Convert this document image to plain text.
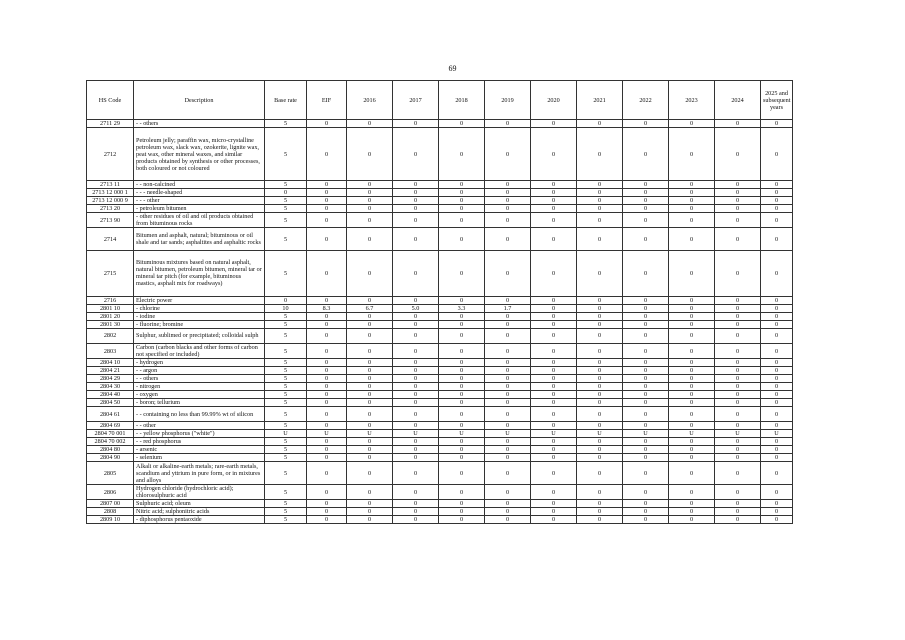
69
HS Code	Description	Base rate	EIF	2016	2017	2018	2019	2020	2021	2022	2023	2024	2025 and subsequent years
2711 29	- - others	5	0	0	0	0	0	0	0	0	0	0	0
2712	Petroleum jelly; paraffin wax, micro-crystalline petroleum wax, slack wax, ozokerite, lignite wax, peat wax, other mineral waxes, and similar products obtained by synthesis or other processes, both coloured or not coloured	5	0	0	0	0	0	0	0	0	0	0	0
2713 11	- - non-calcined	5	0	0	0	0	0	0	0	0	0	0	0
2713 12 000 1	- - - needle-shaped	0	0	0	0	0	0	0	0	0	0	0	0
2713 12 000 9	- - - other	5	0	0	0	0	0	0	0	0	0	0	0
2713 20	- petroleum bitumen	5	0	0	0	0	0	0	0	0	0	0	0
2713 90	- other residues of oil and oil products obtained from bituminous rocks	5	0	0	0	0	0	0	0	0	0	0	0
2714	Bitumen and asphalt, natural; bituminous or oil shale and tar sands; asphaltites and asphaltic rocks	5	0	0	0	0	0	0	0	0	0	0	0
2715	Bituminous mixtures based on natural asphalt, natural bitumen, petroleum bitumen, mineral tar or mineral tar pitch (for example, bituminous mastics, asphalt mix for roadways)	5	0	0	0	0	0	0	0	0	0	0	0
2716	Electric power	0	0	0	0	0	0	0	0	0	0	0	0
2801 10	- chlorine	10	8.3	6.7	5.0	3.3	1.7	0	0	0	0	0	0
2801 20	- iodine	5	0	0	0	0	0	0	0	0	0	0	0
2801 30	- fluorine; bromine	5	0	0	0	0	0	0	0	0	0	0	0
2802	Sulphur, sublimed or precipitated; colloidal sulph	5	0	0	0	0	0	0	0	0	0	0	0
2803	Carbon (carbon blacks and other forms of carbon not specified or included)	5	0	0	0	0	0	0	0	0	0	0	0
2804 10	- hydrogen	5	0	0	0	0	0	0	0	0	0	0	0
2804 21	- - argon	5	0	0	0	0	0	0	0	0	0	0	0
2804 29	- - others	5	0	0	0	0	0	0	0	0	0	0	0
2804 30	- nitrogen	5	0	0	0	0	0	0	0	0	0	0	0
2804 40	- oxygen	5	0	0	0	0	0	0	0	0	0	0	0
2804 50	- boron; tellurium	5	0	0	0	0	0	0	0	0	0	0	0
2804 61	- - containing no less than 99.99% wt of silicon	5	0	0	0	0	0	0	0	0	0	0	0
2804 69	- - other	5	0	0	0	0	0	0	0	0	0	0	0
2804 70 001	- - yellow phosphorus ("white")	U	U	U	U	U	U	U	U	U	U	U	U
2804 70 002	- - red phosphorus	5	0	0	0	0	0	0	0	0	0	0	0
2804 80	- arsenic	5	0	0	0	0	0	0	0	0	0	0	0
2804 90	- selenium	5	0	0	0	0	0	0	0	0	0	0	0
2805	Alkali or alkaline-earth metals; rare-earth metals, scandium and yttrium in pure form, or in mixtures and alloys	5	0	0	0	0	0	0	0	0	0	0	0
2806	Hydrogen chloride (hydrochloric acid); chlorosulphuric acid	5	0	0	0	0	0	0	0	0	0	0	0
2807 00	Sulphuric acid; oleum	5	0	0	0	0	0	0	0	0	0	0	0
2808	Nitric acid; sulphonitric acids	5	0	0	0	0	0	0	0	0	0	0	0
2809 10	- diphosphorus pentaoxide	5	0	0	0	0	0	0	0	0	0	0	0
